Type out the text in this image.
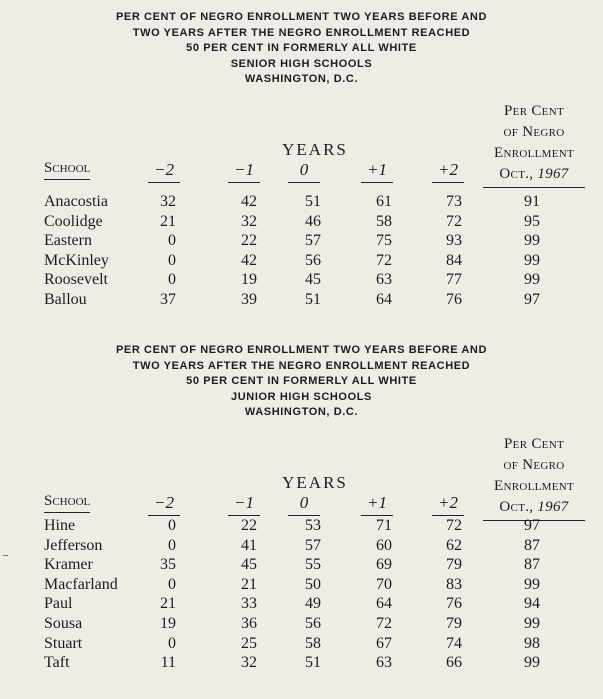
PER CENT OF NEGRO ENROLLMENT TWO YEARS BEFORE AND
TWO YEARS AFTER THE NEGRO ENROLLMENT REACHED
50 PER CENT IN FORMERLY ALL WHITE
SENIOR HIGH SCHOOLS
WASHINGTON, D.C.
YEARS
Per Cent
of Negro
Enrollment
Oct., 1967
School	−2	−1	0	+1	+2
Anacostia	32	42	51	61	73	91
Coolidge	21	32	46	58	72	95
Eastern	0	22	57	75	93	99
McKinley	0	42	56	72	84	99
Roosevelt	0	19	45	63	77	99
Ballou	37	39	51	64	76	97
PER CENT OF NEGRO ENROLLMENT TWO YEARS BEFORE AND
TWO YEARS AFTER THE NEGRO ENROLLMENT REACHED
50 PER CENT IN FORMERLY ALL WHITE
JUNIOR HIGH SCHOOLS
WASHINGTON, D.C.
YEARS
Per Cent
of Negro
Enrollment
Oct., 1967
School	−2	−1	0	+1	+2
Hine	0	22	53	71	72	97
Jefferson	0	41	57	60	62	87
Kramer	35	45	55	69	79	87
Macfarland	0	21	50	70	83	99
Paul	21	33	49	64	76	94
Sousa	19	36	56	72	79	99
Stuart	0	25	58	67	74	98
Taft	11	32	51	63	66	99
